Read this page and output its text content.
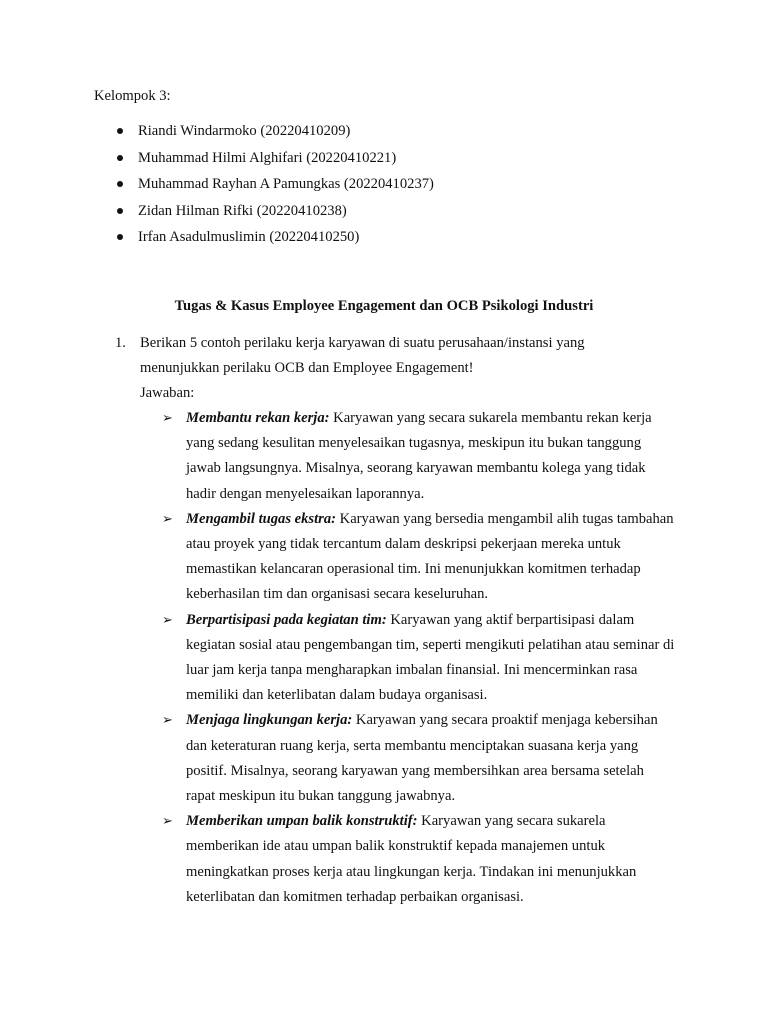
Kelompok 3:
Riandi Windarmoko (20220410209)
Muhammad Hilmi Alghifari (20220410221)
Muhammad Rayhan A Pamungkas (20220410237)
Zidan Hilman Rifki (20220410238)
Irfan Asadulmuslimin (20220410250)
Tugas & Kasus Employee Engagement dan OCB Psikologi Industri
1. Berikan 5 contoh perilaku kerja karyawan di suatu perusahaan/instansi yang menunjukkan perilaku OCB dan Employee Engagement!
Jawaban:
➢ Membantu rekan kerja: Karyawan yang secara sukarela membantu rekan kerja yang sedang kesulitan menyelesaikan tugasnya, meskipun itu bukan tanggung jawab langsungnya. Misalnya, seorang karyawan membantu kolega yang tidak hadir dengan menyelesaikan laporannya.
➢ Mengambil tugas ekstra: Karyawan yang bersedia mengambil alih tugas tambahan atau proyek yang tidak tercantum dalam deskripsi pekerjaan mereka untuk memastikan kelancaran operasional tim. Ini menunjukkan komitmen terhadap keberhasilan tim dan organisasi secara keseluruhan.
➢ Berpartisipasi pada kegiatan tim: Karyawan yang aktif berpartisipasi dalam kegiatan sosial atau pengembangan tim, seperti mengikuti pelatihan atau seminar di luar jam kerja tanpa mengharapkan imbalan finansial. Ini mencerminkan rasa memiliki dan keterlibatan dalam budaya organisasi.
➢ Menjaga lingkungan kerja: Karyawan yang secara proaktif menjaga kebersihan dan keteraturan ruang kerja, serta membantu menciptakan suasana kerja yang positif. Misalnya, seorang karyawan yang membersihkan area bersama setelah rapat meskipun itu bukan tanggung jawabnya.
➢ Memberikan umpan balik konstruktif: Karyawan yang secara sukarela memberikan ide atau umpan balik konstruktif kepada manajemen untuk meningkatkan proses kerja atau lingkungan kerja. Tindakan ini menunjukkan keterlibatan dan komitmen terhadap perbaikan organisasi.
